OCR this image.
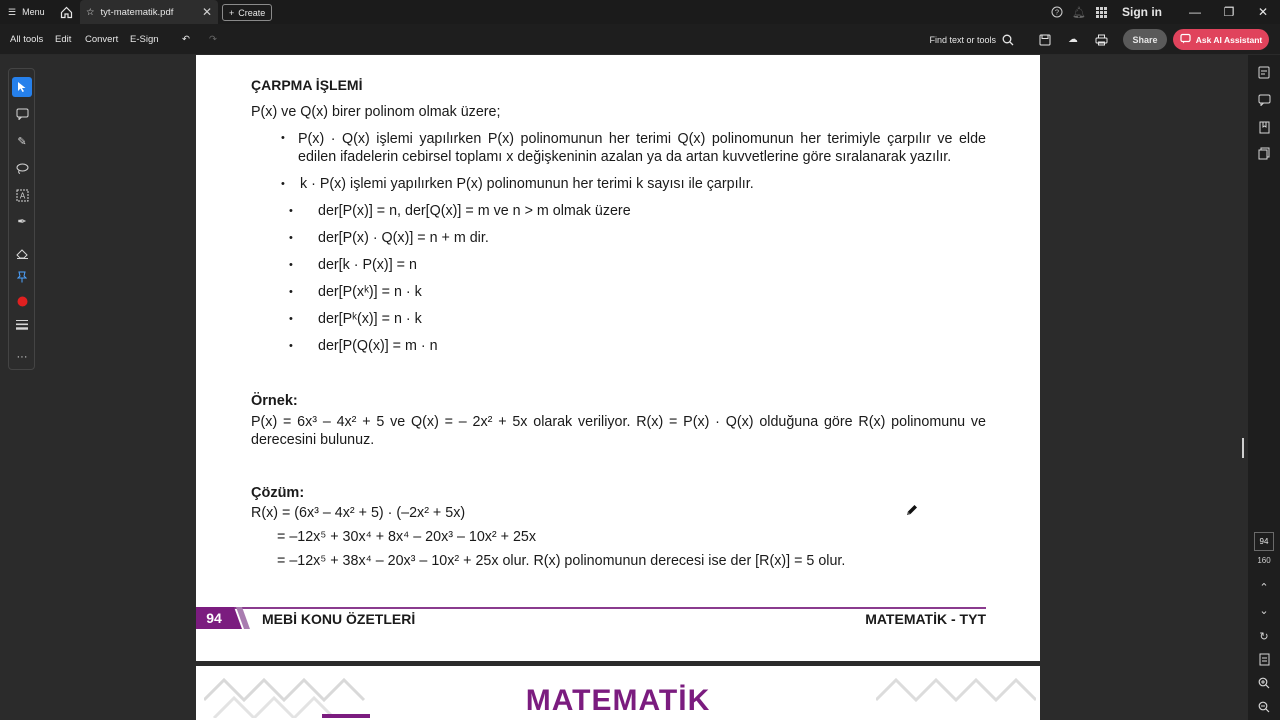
☰ Menu	☆ tyt-matematik.pdf ✕ + Create	?	🔔︎	Sign in	—	❐	✕
All tools Edit Convert E-Sign	↶	↷	Find text or tools	☁︎	Share	Ask AI Assistant
✎
A
✒
···
⌃
⌄
↻
94
160
ÇARPMA İŞLEMİ
P(x) ve Q(x) birer polinom olmak üzere;
• P(x) · Q(x) işlemi yapılırken P(x) polinomunun her terimi Q(x) polinomunun her terimiyle çarpılır ve elde edilen ifadelerin cebirsel toplamı x değişkeninin azalan ya da artan kuvvetlerine göre sıralanarak yazılır.
• k · P(x) işlemi yapılırken P(x) polinomunun her terimi k sayısı ile çarpılır.
• der[P(x)] = n, der[Q(x)] = m ve n > m olmak üzere
• der[P(x) · Q(x)] = n + m dir.
• der[k · P(x)] = n
• der[P(xᵏ)] = n · k
• der[Pᵏ(x)] = n · k
• der[P(Q(x)] = m · n
Örnek:
P(x) = 6x³ – 4x² + 5 ve Q(x) = – 2x² + 5x olarak veriliyor. R(x) = P(x) · Q(x) olduğuna göre R(x) polinomunu ve derecesini bulunuz.
Çözüm:
R(x) = (6x³ – 4x² + 5) · (–2x² + 5x)
= –12x⁵ + 30x⁴ + 8x⁴ – 20x³ – 10x² + 25x
= –12x⁵ + 38x⁴ – 20x³ – 10x² + 25x olur. R(x) polinomunun derecesi ise der [R(x)] = 5 olur.
94	MEBİ KONU ÖZETLERİ	MATEMATİK - TYT
MATEMATİK
